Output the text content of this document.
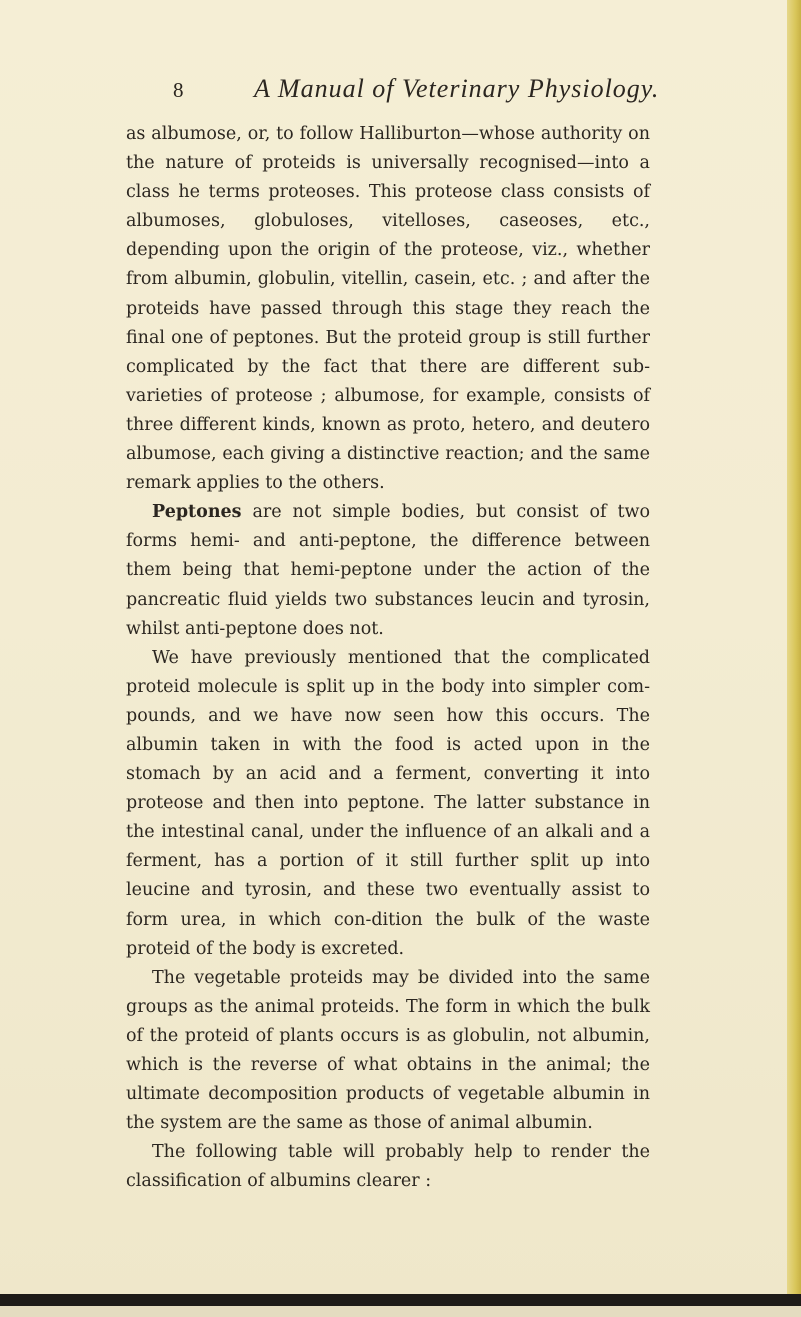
8	A Manual of Veterinary Physiology.

as albumose, or, to follow Halliburton—whose authority on the nature of proteids is universally recognised—into a class he terms proteoses. This proteose class consists of albumoses, globuloses, vitelloses, caseoses, etc., depending upon the origin of the proteose, viz., whether from albumin, globulin, vitellin, casein, etc. ; and after the proteids have passed through this stage they reach the final one of peptones. But the proteid group is still further complicated by the fact that there are different sub-varieties of proteose ; albumose, for example, consists of three different kinds, known as proto, hetero, and deutero albumose, each giving a distinctive reaction; and the same remark applies to the others.

Peptones are not simple bodies, but consist of two forms hemi- and anti-peptone, the difference between them being that hemi-peptone under the action of the pancreatic fluid yields two substances leucin and tyrosin, whilst anti-peptone does not.

We have previously mentioned that the complicated proteid molecule is split up in the body into simpler com-pounds, and we have now seen how this occurs. The albumin taken in with the food is acted upon in the stomach by an acid and a ferment, converting it into proteose and then into peptone. The latter substance in the intestinal canal, under the influence of an alkali and a ferment, has a portion of it still further split up into leucine and tyrosin, and these two eventually assist to form urea, in which con-dition the bulk of the waste proteid of the body is excreted.

The vegetable proteids may be divided into the same groups as the animal proteids. The form in which the bulk of the proteid of plants occurs is as globulin, not albumin, which is the reverse of what obtains in the animal; the ultimate decomposition products of vegetable albumin in the system are the same as those of animal albumin.

The following table will probably help to render the classification of albumins clearer :
